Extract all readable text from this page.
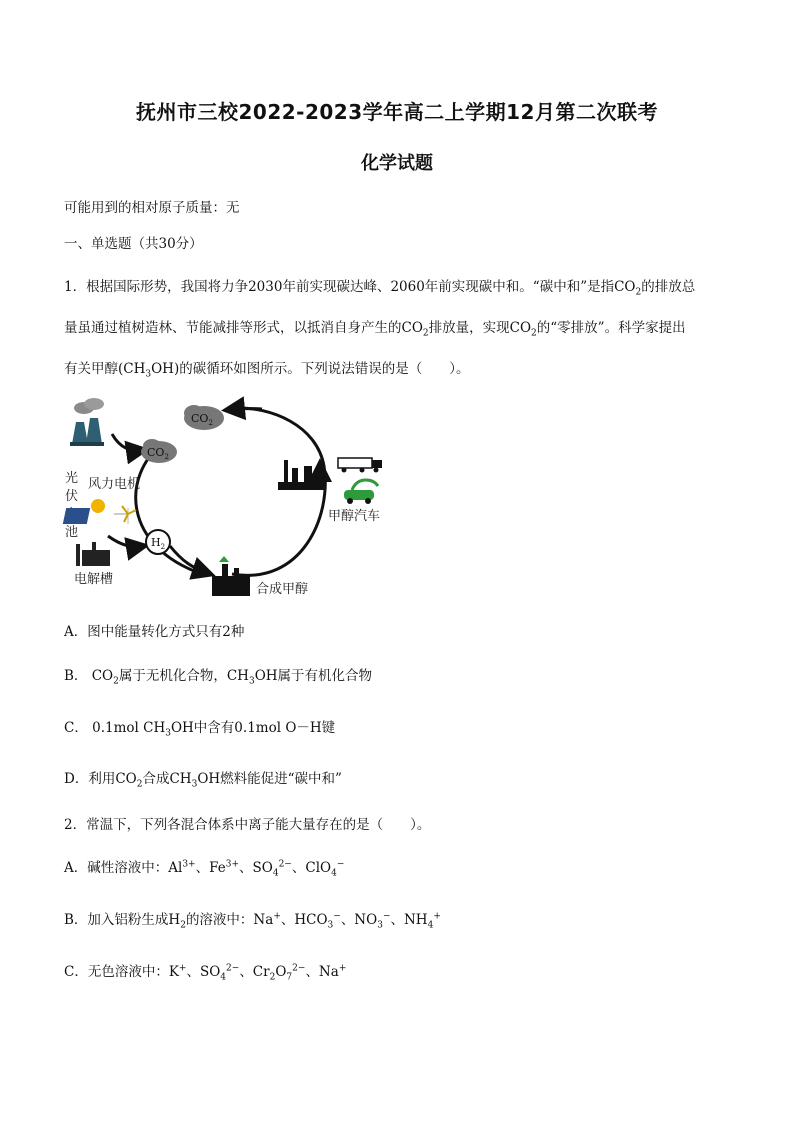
抚州市三校2022-2023学年高二上学期12月第二次联考
化学试题
可能用到的相对原子质量：无
一、单选题（共30分）
1．根据国际形势，我国将力争2030年前实现碳达峰、2060年前实现碳中和。“碳中和”是指$CO_2$的排放总
量虽通过植树造林、节能减排等形式，以抵消自身产生的$CO_2$排放量，实现$CO_2$的“零排放”。科学家提出
有关甲醇$(CH_3OH)$的碳循环如图所示。下列说法错误的是（　　）。
$CO_2$
$CO_2$
$H_2$
风力电机
光
伏
池
电解槽
合成甲醇
甲醇汽车
A．图中能量转化方式只有2种
B． $CO_2$属于无机化合物，$CH_3OH$属于有机化合物
C． 0.1mol $CH_3OH$中含有0.1mol O－H键
D．利用$CO_2$合成$CH_3OH$燃料能促进“碳中和”
2．常温下，下列各混合体系中离子能大量存在的是（　　）。
A．碱性溶液中：$Al^{3+}$、$Fe^{3+}$、$SO_4^{2-}$、ClO$_4$−
B．加入铝粉生成$H_2$的溶液中：Na+、$HCO_3^-$、$NO_3^-$、$NH_4^+$
C．无色溶液中：K+、$SO_4^{2-}$、$Cr_2O_7^{2-}$、Na+
